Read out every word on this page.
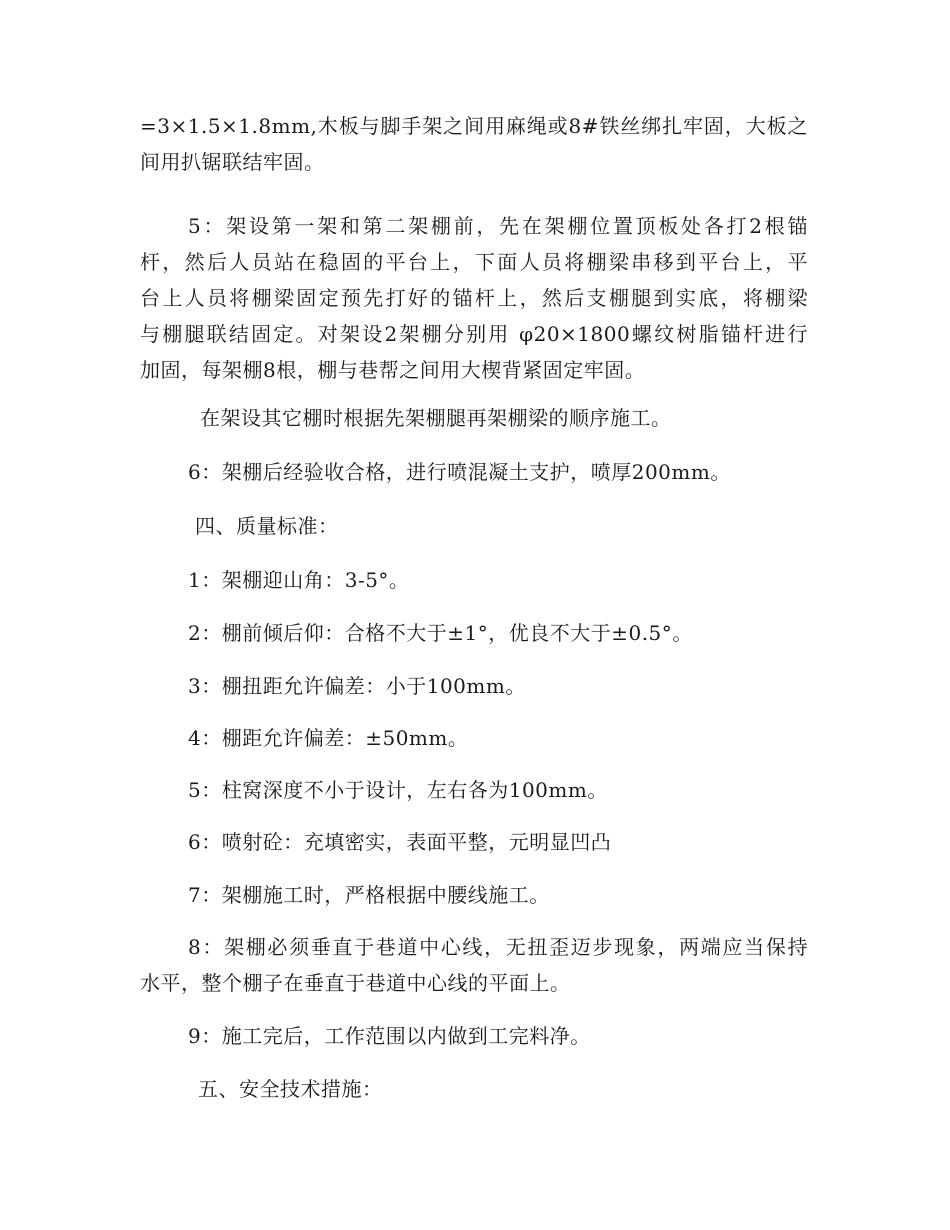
=3×1.5×1.8mm,木板与脚手架之间用麻绳或8#铁丝绑扎牢固，大板之
间用扒锯联结牢固。
5：架设第一架和第二架棚前，先在架棚位置顶板处各打2根锚
杆，然后人员站在稳固的平台上，下面人员将棚梁串移到平台上，平
台上人员将棚梁固定预先打好的锚杆上，然后支棚腿到实底，将棚梁
与棚腿联结固定。对架设2架棚分别用 φ20×1800螺纹树脂锚杆进行
加固，每架棚8根，棚与巷帮之间用大楔背紧固定牢固。
在架设其它棚时根据先架棚腿再架棚梁的顺序施工。
6：架棚后经验收合格，进行喷混凝土支护，喷厚200mm。
四、质量标准：
1：架棚迎山角：3-5°。
2：棚前倾后仰：合格不大于±1°，优良不大于±0.5°。
3：棚扭距允许偏差：小于100mm。
4：棚距允许偏差：±50mm。
5：柱窝深度不小于设计，左右各为100mm。
6：喷射砼：充填密实，表面平整，元明显凹凸
7：架棚施工时，严格根据中腰线施工。
8：架棚必须垂直于巷道中心线，无扭歪迈步现象，两端应当保持
水平，整个棚子在垂直于巷道中心线的平面上。
9：施工完后，工作范围以内做到工完料净。
五、安全技术措施：
